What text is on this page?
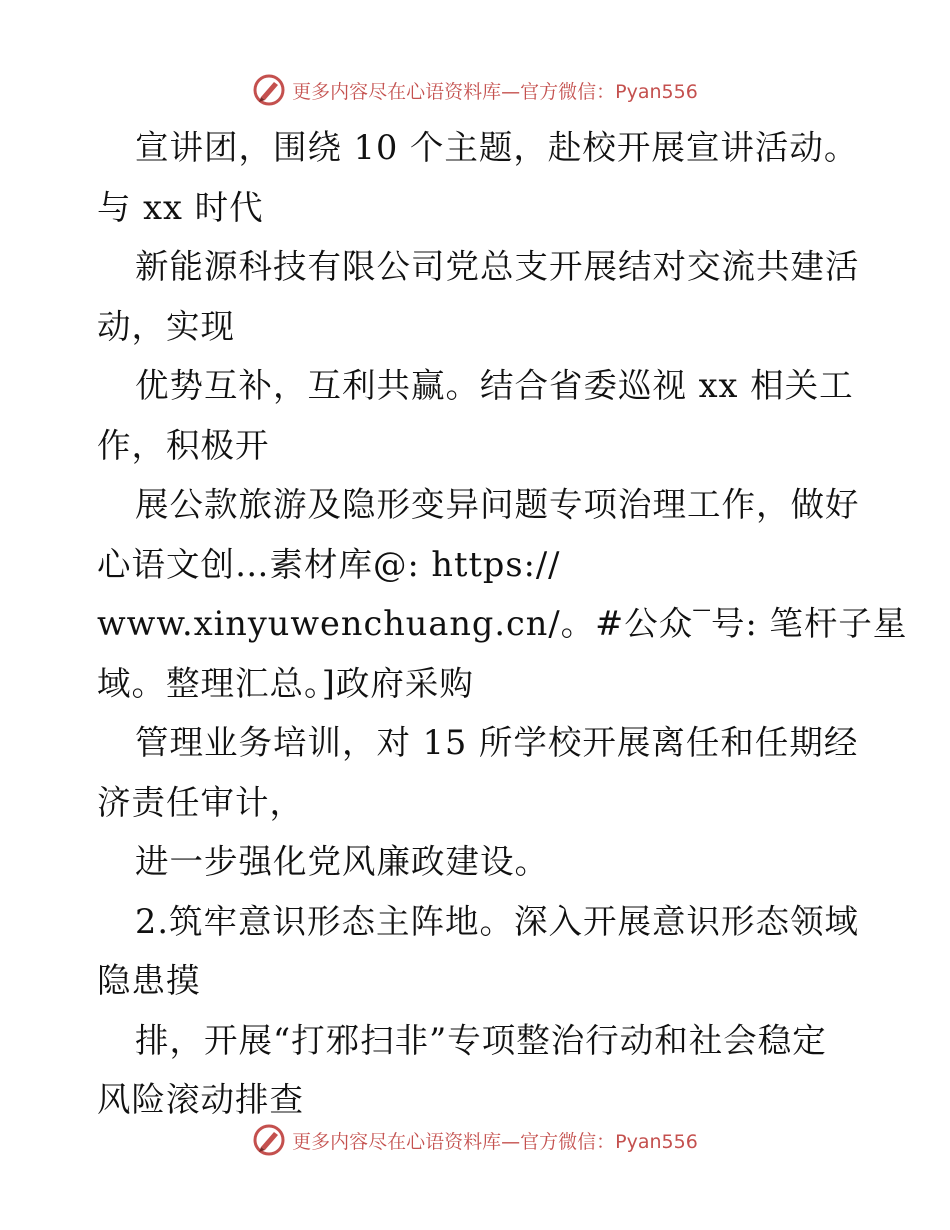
更多内容尽在心语资料库—官方微信：Pyan556
宣讲团，围绕 10 个主题，赴校开展宣讲活动。
与 xx 时代
新能源科技有限公司党总支开展结对交流共建活
动，实现
优势互补，互利共赢。结合省委巡视 xx 相关工
作，积极开
展公款旅游及隐形变异问题专项治理工作，做好
心语文创…素材库@: https://
www.xinyuwenchuang.cn/。#公众‾号: 笔杆子星
域。整理汇总。]政府采购
管理业务培训，对 15 所学校开展离任和任期经
济责任审计，
进一步强化党风廉政建设。
2.筑牢意识形态主阵地。深入开展意识形态领域
隐患摸
排，开展“打邪扫非”专项整治行动和社会稳定
风险滚动排查
更多内容尽在心语资料库—官方微信：Pyan556
